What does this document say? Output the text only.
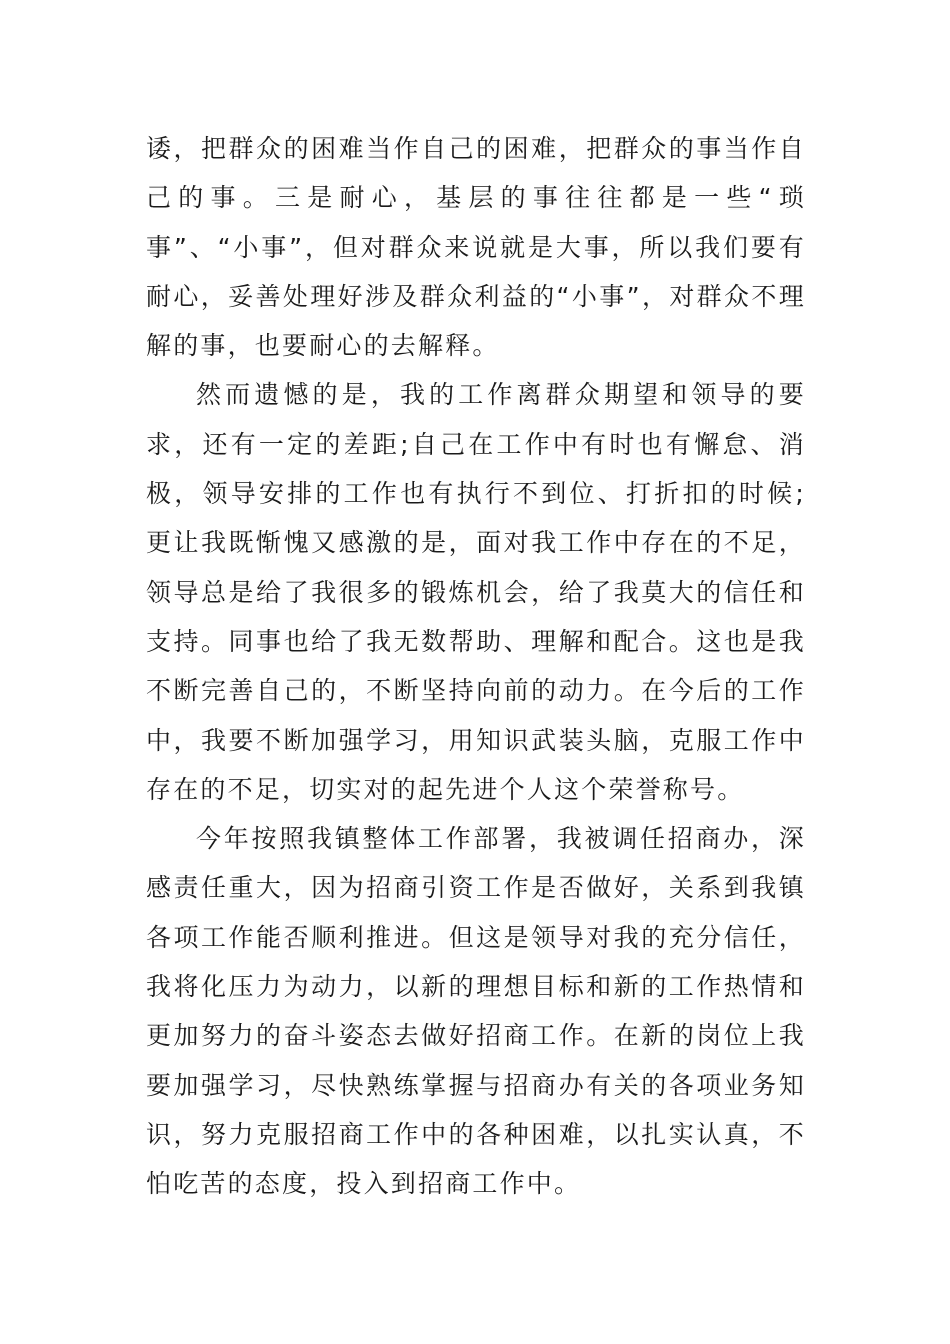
诿，把群众的困难当作自己的困难，把群众的事当作自己的事。三是耐心，基层的事往往都是一些“琐事”、“小事”，但对群众来说就是大事，所以我们要有耐心，妥善处理好涉及群众利益的“小事”，对群众不理解的事，也要耐心的去解释。

然而遗憾的是，我的工作离群众期望和领导的要求，还有一定的差距;自己在工作中有时也有懈怠、消极，领导安排的工作也有执行不到位、打折扣的时候;更让我既惭愧又感激的是，面对我工作中存在的不足，领导总是给了我很多的锻炼机会，给了我莫大的信任和支持。同事也给了我无数帮助、理解和配合。这也是我不断完善自己的，不断坚持向前的动力。在今后的工作中，我要不断加强学习，用知识武装头脑，克服工作中存在的不足，切实对的起先进个人这个荣誉称号。

今年按照我镇整体工作部署，我被调任招商办，深感责任重大，因为招商引资工作是否做好，关系到我镇各项工作能否顺利推进。但这是领导对我的充分信任，我将化压力为动力，以新的理想目标和新的工作热情和更加努力的奋斗姿态去做好招商工作。在新的岗位上我要加强学习，尽快熟练掌握与招商办有关的各项业务知识，努力克服招商工作中的各种困难，以扎实认真，不怕吃苦的态度，投入到招商工作中。
